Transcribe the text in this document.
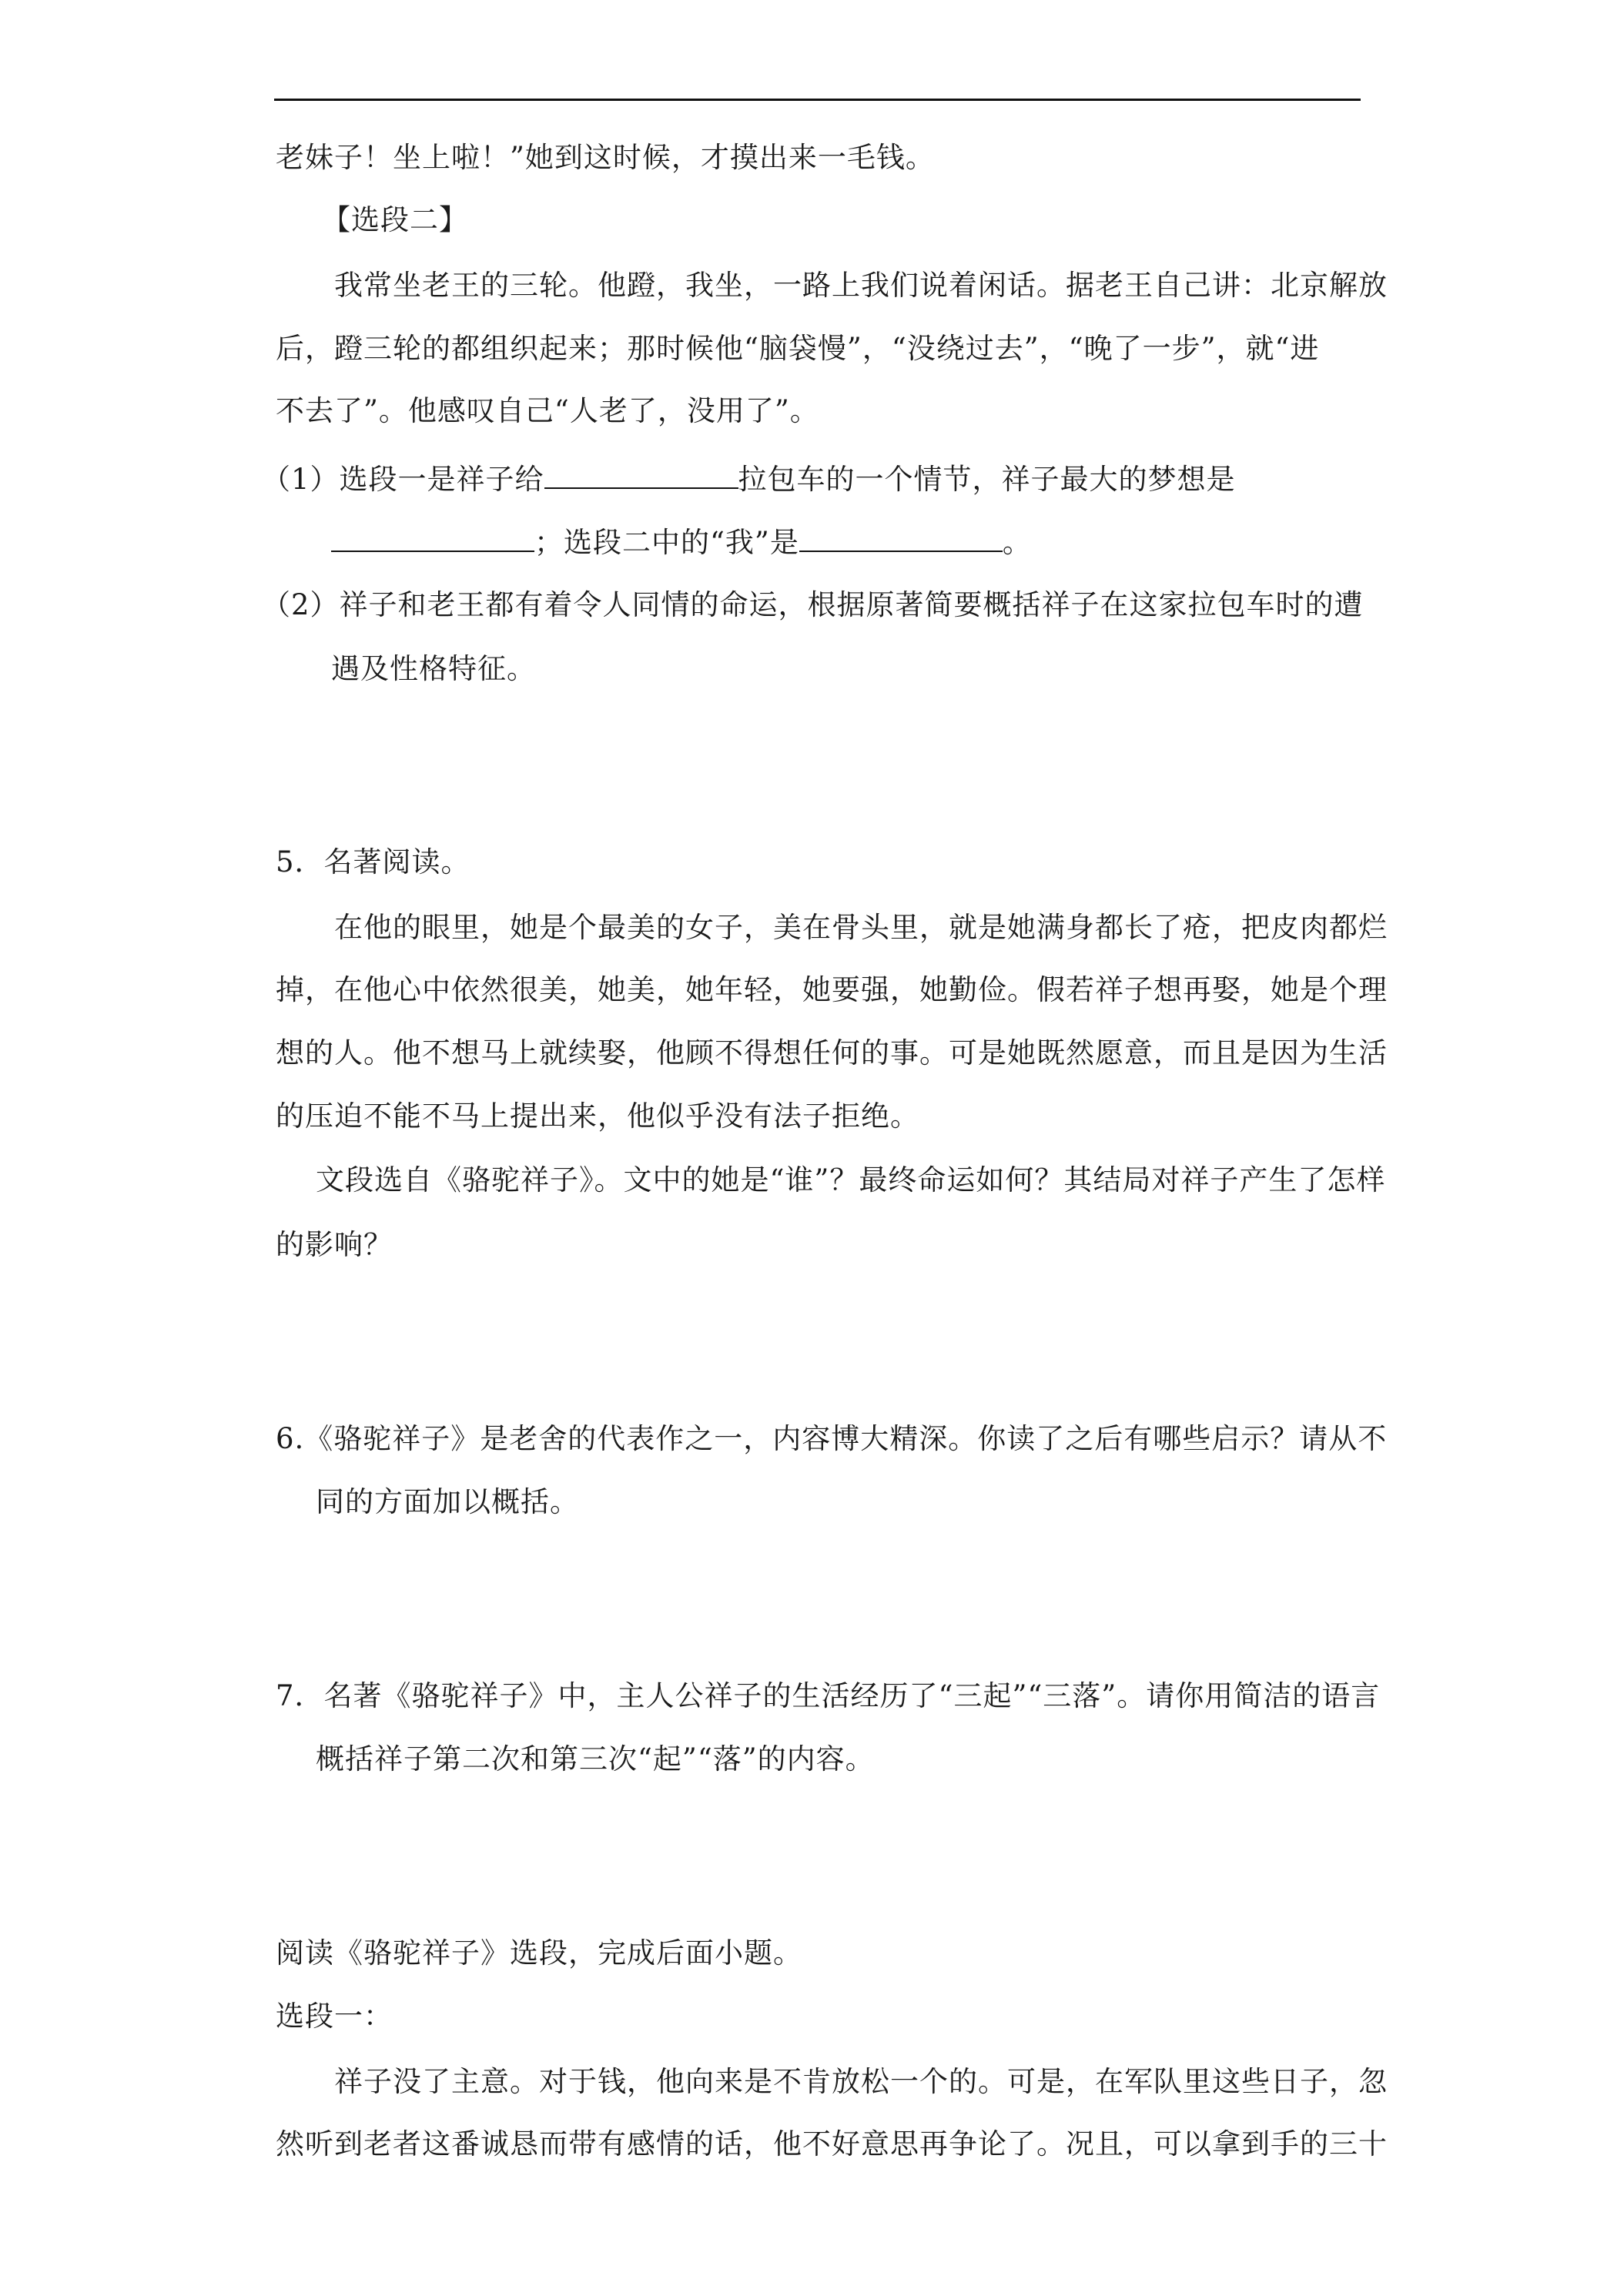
老妹子！坐上啦！”她到这时候，才摸出来一毛钱。
【选段二】
我常坐老王的三轮。他蹬，我坐，一路上我们说着闲话。据老王自己讲：北京解放
后，蹬三轮的都组织起来；那时候他“脑袋慢”，“没绕过去”，“晚了一步”，就“进
不去了”。他感叹自己“人老了，没用了”。
（1）选段一是祥子给	拉包车的一个情节，祥子最大的梦想是
；选段二中的“我”是	。
（2）祥子和老王都有着令人同情的命运，根据原著简要概括祥子在这家拉包车时的遭
遇及性格特征。
5．名著阅读。
在他的眼里，她是个最美的女子，美在骨头里，就是她满身都长了疮，把皮肉都烂
掉，在他心中依然很美，她美，她年轻，她要强，她勤俭。假若祥子想再娶，她是个理
想的人。他不想马上就续娶，他顾不得想任何的事。可是她既然愿意，而且是因为生活
的压迫不能不马上提出来，他似乎没有法子拒绝。
文段选自《骆驼祥子》。文中的她是“谁”？最终命运如何？其结局对祥子产生了怎样
的影响？
6.《骆驼祥子》是老舍的代表作之一，内容博大精深。你读了之后有哪些启示？请从不
同的方面加以概括。
7．名著《骆驼祥子》中，主人公祥子的生活经历了“三起”“三落”。请你用简洁的语言
概括祥子第二次和第三次“起”“落”的内容。
阅读《骆驼祥子》选段，完成后面小题。
选段一：
祥子没了主意。对于钱，他向来是不肯放松一个的。可是，在军队里这些日子，忽
然听到老者这番诚恳而带有感情的话，他不好意思再争论了。况且，可以拿到手的三十
